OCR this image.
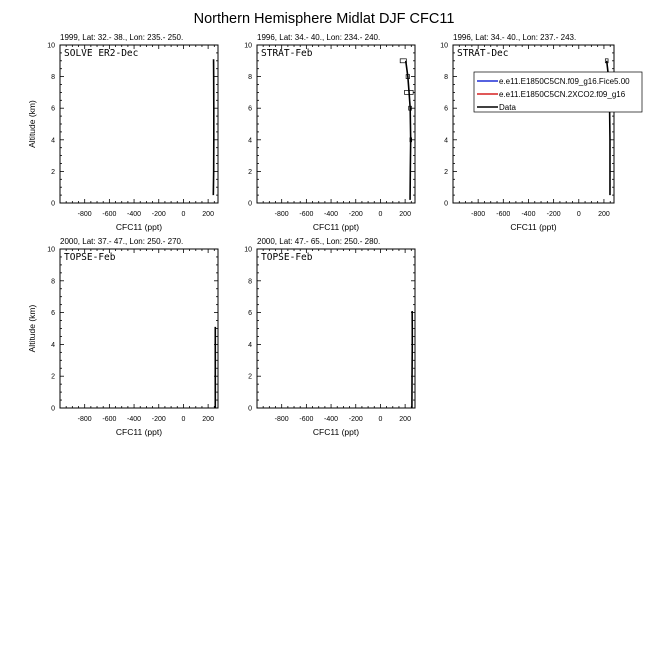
Northern Hemisphere Midlat DJF CFC11
-800 -600 -400 -200 0 200
0
2
4
6
8
10
CFC11 (ppt)
Altitude (km)
1999, Lat: 32.- 38., Lon: 235.- 250.
SOLVE ER2-Dec
-800 -600 -400 -200 0 200
0
2
4
6
8
10
CFC11 (ppt)
1996, Lat: 34.- 40., Lon: 234.- 240.
STRAT-Feb
-800 -600 -400 -200 0 200
0
2
4
6
8
10
CFC11 (ppt)
1996, Lat: 34.- 40., Lon: 237.- 243.
STRAT-Dec
e.e11.E1850C5CN.f09_g16.Fice5.00
e.e11.E1850C5CN.2XCO2.f09_g16
Data
-800 -600 -400 -200 0 200
0
2
4
6
8
10
CFC11 (ppt)
Altitude (km)
2000, Lat: 37.- 47., Lon: 250.- 270.
TOPSE-Feb
-800 -600 -400 -200 0 200
0
2
4
6
8
10
CFC11 (ppt)
2000, Lat: 47.- 65., Lon: 250.- 280.
TOPSE-Feb
